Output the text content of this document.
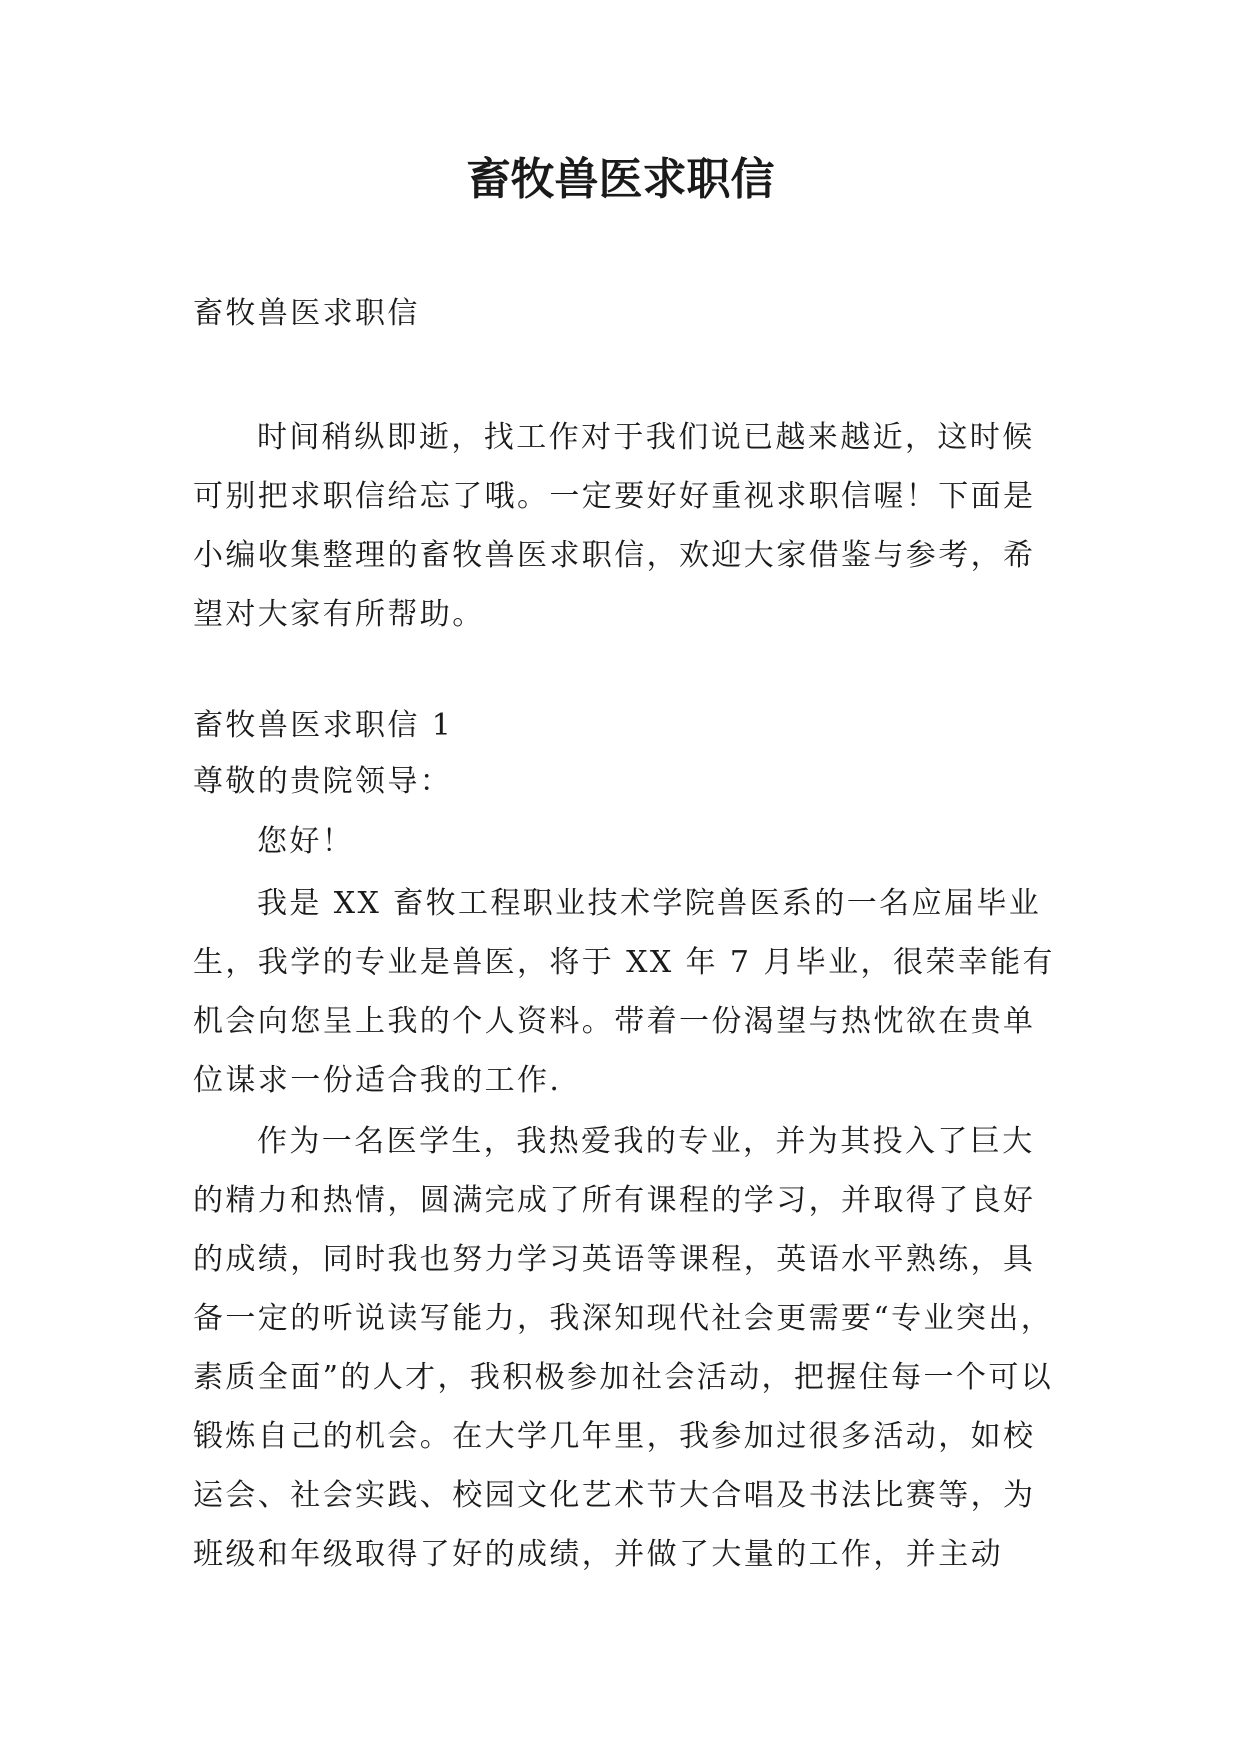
畜牧兽医求职信

畜牧兽医求职信

时间稍纵即逝，找工作对于我们说已越来越近，这时候可别把求职信给忘了哦。一定要好好重视求职信喔！下面是小编收集整理的畜牧兽医求职信，欢迎大家借鉴与参考，希望对大家有所帮助。

畜牧兽医求职信 1

尊敬的贵院领导：

您好！

我是 XX 畜牧工程职业技术学院兽医系的一名应届毕业生，我学的专业是兽医，将于 XX 年 7 月毕业，很荣幸能有机会向您呈上我的个人资料。带着一份渴望与热忱欲在贵单位谋求一份适合我的工作.

作为一名医学生，我热爱我的专业，并为其投入了巨大的精力和热情，圆满完成了所有课程的学习，并取得了良好的成绩，同时我也努力学习英语等课程，英语水平熟练，具备一定的听说读写能力，我深知现代社会更需要“专业突出，素质全面”的人才，我积极参加社会活动，把握住每一个可以锻炼自己的机会。在大学几年里，我参加过很多活动，如校运会、社会实践、校园文化艺术节大合唱及书法比赛等，为班级和年级取得了好的成绩，并做了大量的工作，并主动
